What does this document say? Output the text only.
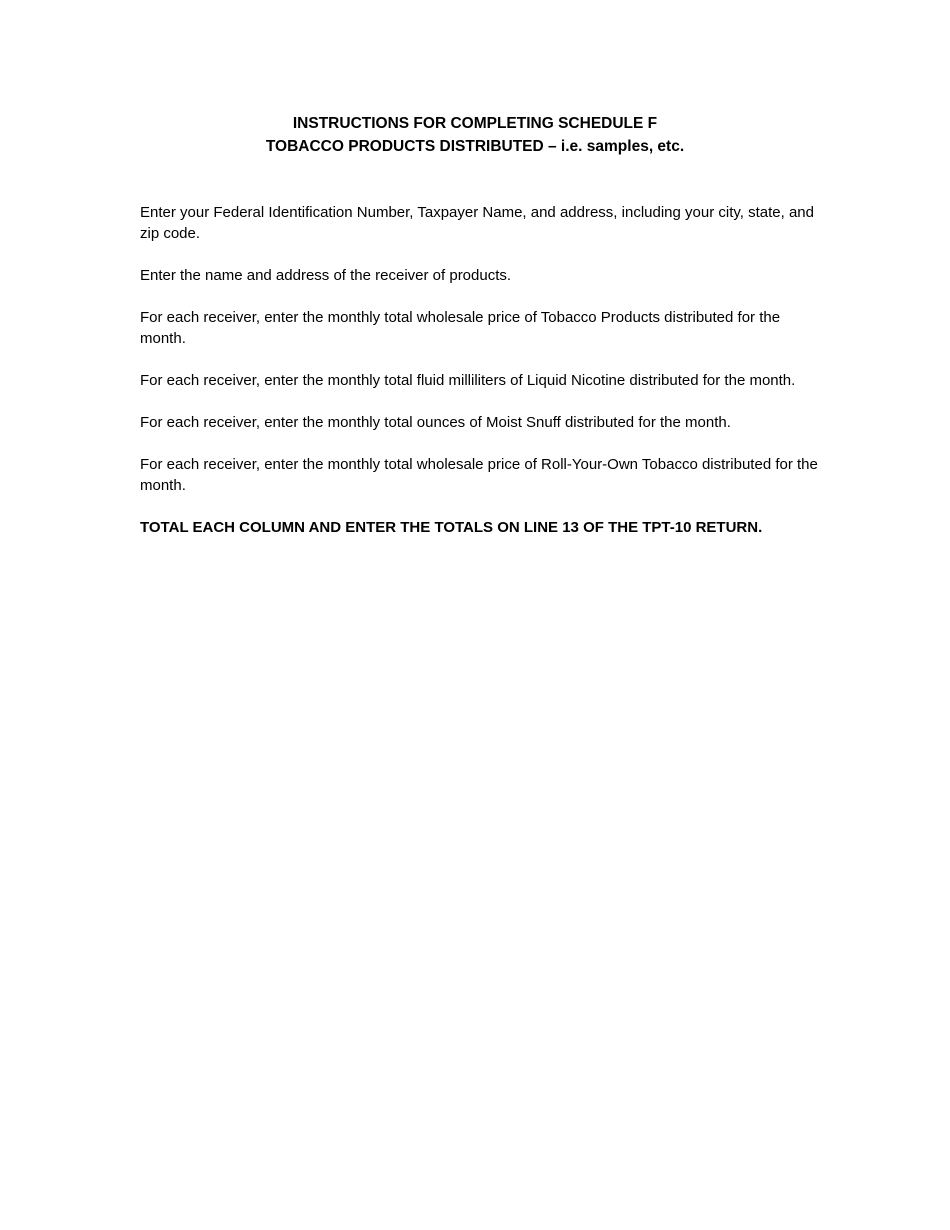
INSTRUCTIONS FOR COMPLETING SCHEDULE F
TOBACCO PRODUCTS DISTRIBUTED – i.e. samples, etc.

Enter your Federal Identification Number, Taxpayer Name, and address, including your city, state, and zip code.

Enter the name and address of the receiver of products.

For each receiver, enter the monthly total wholesale price of Tobacco Products distributed for the month.

For each receiver, enter the monthly total fluid milliliters of Liquid Nicotine distributed for the month.

For each receiver, enter the monthly total ounces of Moist Snuff distributed for the month.

For each receiver, enter the monthly total wholesale price of Roll-Your-Own Tobacco distributed for the month.

TOTAL EACH COLUMN AND ENTER THE TOTALS ON LINE 13 OF THE TPT-10 RETURN.
